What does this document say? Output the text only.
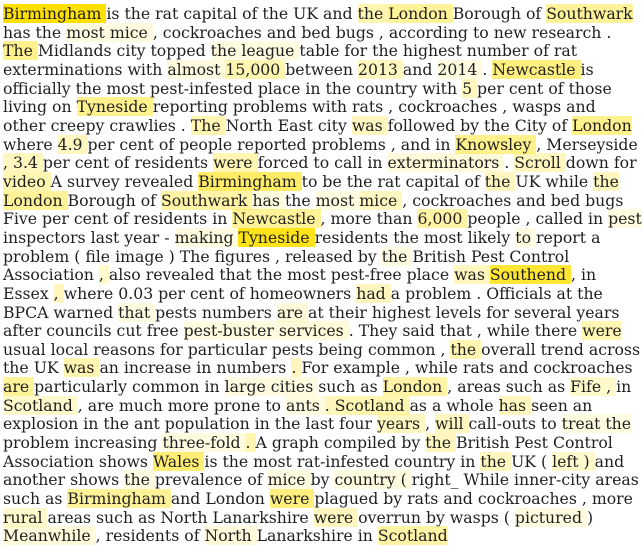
Birmingham is the rat capital of the UK and the London Borough of Southwark has the most mice , cockroaches and bed bugs , according to new research . The Midlands city topped the league table for the highest number of rat exterminations with almost 15,000 between 2013 and 2014 . Newcastle is officially the most pest-infested place in the country with 5 per cent of those living on Tyneside reporting problems with rats , cockroaches , wasps and other creepy crawlies . The North East city was followed by the City of London where 4.9 per cent of people reported problems , and in Knowsley , Merseyside , 3.4 per cent of residents were forced to call in exterminators . Scroll down for video A survey revealed Birmingham to be the rat capital of the UK while the London Borough of Southwark has the most mice , cockroaches and bed bugs Five per cent of residents in Newcastle , more than 6,000 people , called in pest inspectors last year - making Tyneside residents the most likely to report a problem ( file image ) The figures , released by the British Pest Control Association , also revealed that the most pest-free place was Southend , in Essex , where 0.03 per cent of homeowners had a problem . Officials at the BPCA warned that pests numbers are at their highest levels for several years after councils cut free pest-buster services . They said that , while there were usual local reasons for particular pests being common , the overall trend across the UK was an increase in numbers . For example , while rats and cockroaches are particularly common in large cities such as London , areas such as Fife , in Scotland , are much more prone to ants . Scotland as a whole has seen an explosion in the ant population in the last four years , will call-outs to treat the problem increasing three-fold . A graph compiled by the British Pest Control Association shows Wales is the most rat-infested country in the UK ( left ) and another shows the prevalence of mice by country ( right_ While inner-city areas such as Birmingham and London were plagued by rats and cockroaches , more rural areas such as North Lanarkshire were overrun by wasps ( pictured ) Meanwhile , residents of North Lanarkshire in Scotland
